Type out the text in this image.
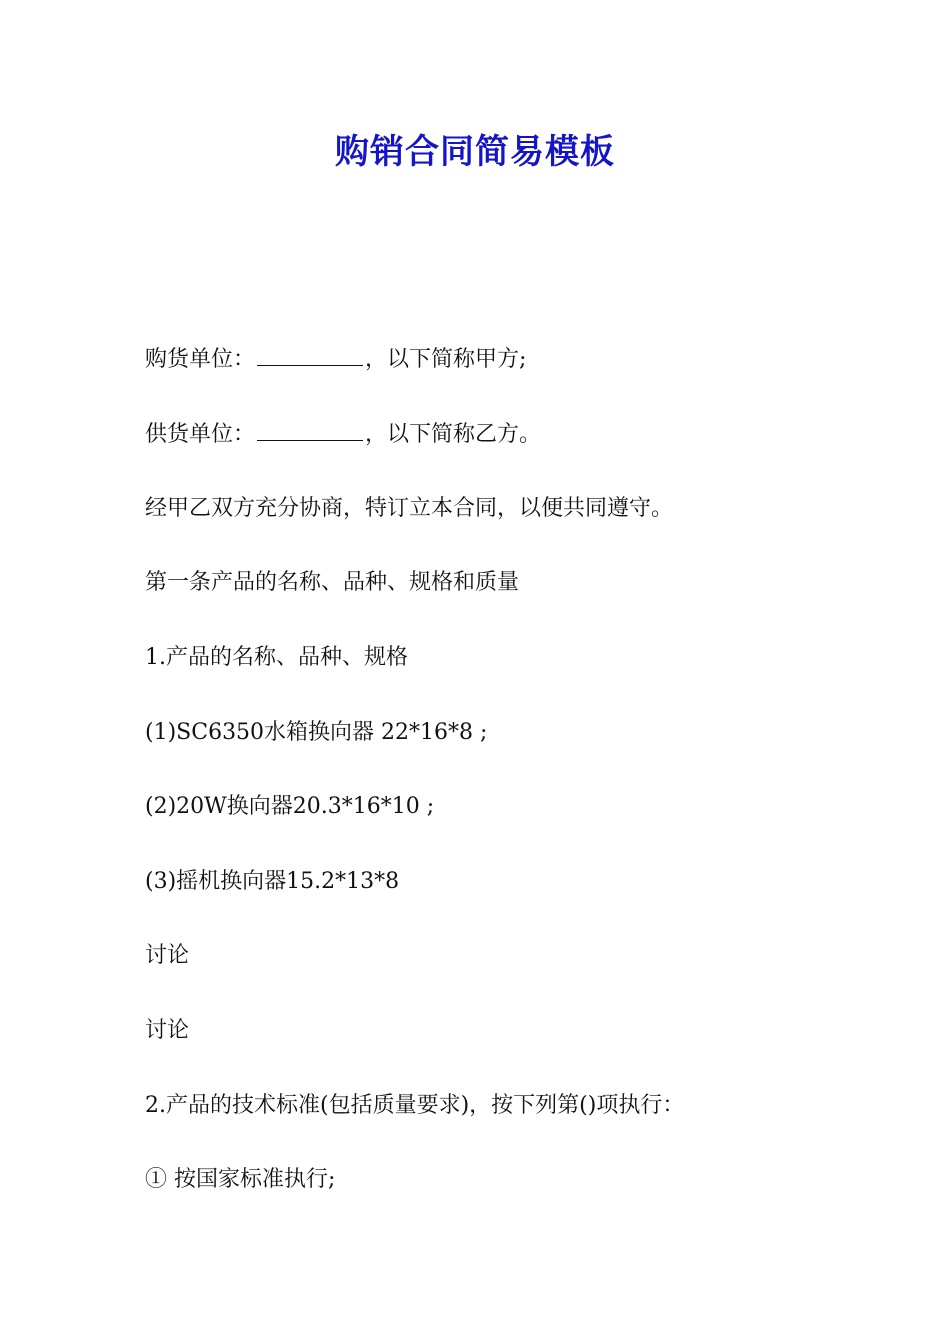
购销合同简易模板

购货单位：	，以下简称甲方;

供货单位：	，以下简称乙方。

经甲乙双方充分协商，特订立本合同，以便共同遵守。

第一条产品的名称、品种、规格和质量

1.产品的名称、品种、规格

(1)SC6350水箱换向器 22*16*8 ;

(2)20W换向器20.3*16*10 ;

(3)摇机换向器15.2*13*8

讨论

讨论

2.产品的技术标准(包括质量要求)，按下列第()项执行：

① 按国家标准执行;
